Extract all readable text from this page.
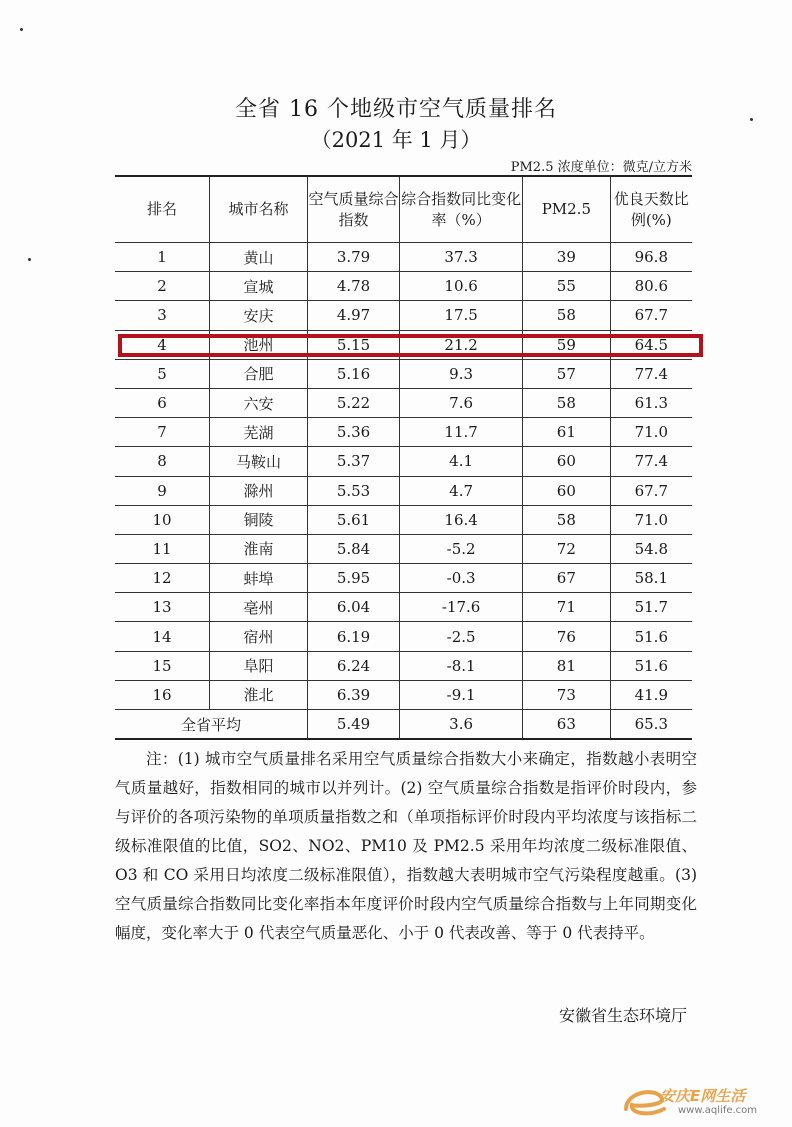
全省 16 个地级市空气质量排名
（2021 年 1 月）
PM2.5 浓度单位：微克/立方米
排名	城市名称	空气质量综合指数	综合指数同比变化率（%）	PM2.5	优良天数比例(%)
1	黄山	3.79	37.3	39	96.8
2	宣城	4.78	10.6	55	80.6
3	安庆	4.97	17.5	58	67.7
4	池州	5.15	21.2	59	64.5
5	合肥	5.16	9.3	57	77.4
6	六安	5.22	7.6	58	61.3
7	芜湖	5.36	11.7	61	71.0
8	马鞍山	5.37	4.1	60	77.4
9	滁州	5.53	4.7	60	67.7
10	铜陵	5.61	16.4	58	71.0
11	淮南	5.84	-5.2	72	54.8
12	蚌埠	5.95	-0.3	67	58.1
13	亳州	6.04	-17.6	71	51.7
14	宿州	6.19	-2.5	76	51.6
15	阜阳	6.24	-8.1	81	51.6
16	淮北	6.39	-9.1	73	41.9
全省平均		5.49	3.6	63	65.3

注：(1) 城市空气质量排名采用空气质量综合指数大小来确定，指数越小表明空气质量越好，指数相同的城市以并列计。(2) 空气质量综合指数是指评价时段内，参与评价的各项污染物的单项质量指数之和（单项指标评价时段内平均浓度与该指标二级标准限值的比值，SO2、NO2、PM10 及 PM2.5 采用年均浓度二级标准限值、O3 和 CO 采用日均浓度二级标准限值），指数越大表明城市空气污染程度越重。(3) 空气质量综合指数同比变化率指本年度评价时段内空气质量综合指数与上年同期变化幅度，变化率大于 0 代表空气质量恶化、小于 0 代表改善、等于 0 代表持平。

安徽省生态环境厅
安庆E网生活
www.aqlife.com
